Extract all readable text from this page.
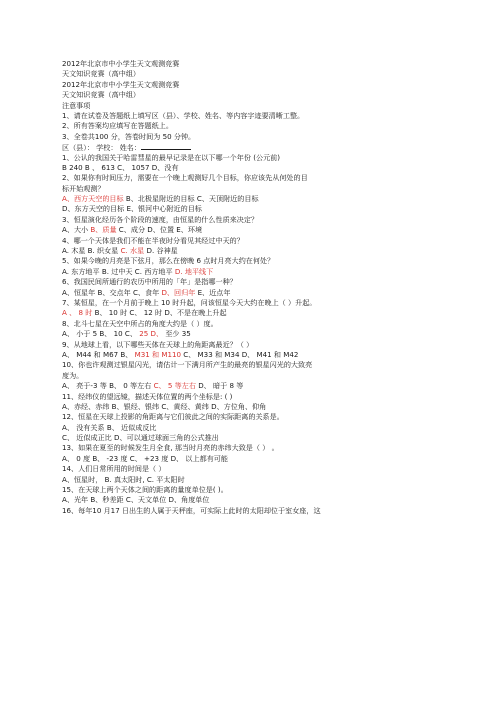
2012年北京市中小学生天文观测竞赛
天文知识竞赛（高中组）
2012年北京市中小学生天文观测竞赛
天文知识竞赛（高中组）
注意事项
1、请在试卷及答题纸上填写区（县）、学校、姓名、等内容字迹要清晰工整。
2、所有答案均应填写在答题纸上。
3、全卷共100 分，答卷时间为 50 分钟。
区（县）： 学校： 姓名：
1、公认的我国关于哈雷彗星的最早记录是在以下哪一个年份 (公元前)
B 240 B 、 613 C、 1057 D、没有
2、如果你有时间压力，需要在一个晚上观测好几个目标，你应该先从何处的目
标开始观测？
A、西方天空的目标 B、北极星附近的目标 C、天顶附近的目标
D、东方天空的目标 E、银河中心附近的目标
3、恒星演化经历各个阶段的速度，由恒星的什么性质来决定？
A、大小 B、质量 C、成分 D、位置 E、环境
4、哪一个天体是我们不能在半夜时分看见其经过中天的？
A. 木星 B. 织女星 C. 水星 D. 谷神星
5、如果今晚的月亮是下弦月，那么在傍晚 6 点时月亮大约在何处？
A. 东方地平 B. 过中天 C. 西方地平 D. 地平线下
6、我国民间所通行的农历中所用的「年」是指哪一种？
A、恒星年 B、交点年 C、食年 D、回归年 E、近点年
7、某恒星，在一个月前于晚上 10 时升起，问该恒星今天大约在晚上（ ）升起。
A 、 8 时 B、 10 时 C、 12 时 D、不是在晚上升起
8、北斗七星在天空中所占的角度大约是（ ）度。
A、 小于 5 B、 10 C、 25 D、 至少 35
9、从地球上看，以下哪些天体在天球上的角距离最近？（ ）
A、 M44 和 M67 B、 M31 和 M110 C、 M33 和 M34 D、 M41 和 M42
10、你也许观测过银星闪光，请估计一下满月所产生的最亮的银星闪光的大致亮
度为。
A、 亮于-3 等 B、 0 等左右 C、 5 等左右 D、 暗于 8 等
11、经纬仪的望远镜，描述天体位置的两个坐标是: ( )
A、赤经、赤纬 B、银经、银纬 C、黄经、黄纬 D、方位角、仰角
12、恒星在天球上投影的角距离与它们彼此之间的实际距离的关系是。
A、 没有关系 B、 近似成反比
C、 近似成正比 D、可以通过球面三角的公式推出
13、如果在夏至的时候发生月全食, 那当时月亮的赤纬大致是（ ） 。
A、 0 度 B、 -23 度 C、 +23 度 D、 以上都有可能
14、人们日常所用的时间是（ ）
A、恒星时， B. 真太阳时, C. 平太阳时
15、在天球上两个天体之间的距离的量度单位是( )。
A、光年 B、秒差距 C、天文单位 D、角度单位
16、每年10 月17 日出生的人属于天秤座，可实际上此时的太阳却位于室女座，这
